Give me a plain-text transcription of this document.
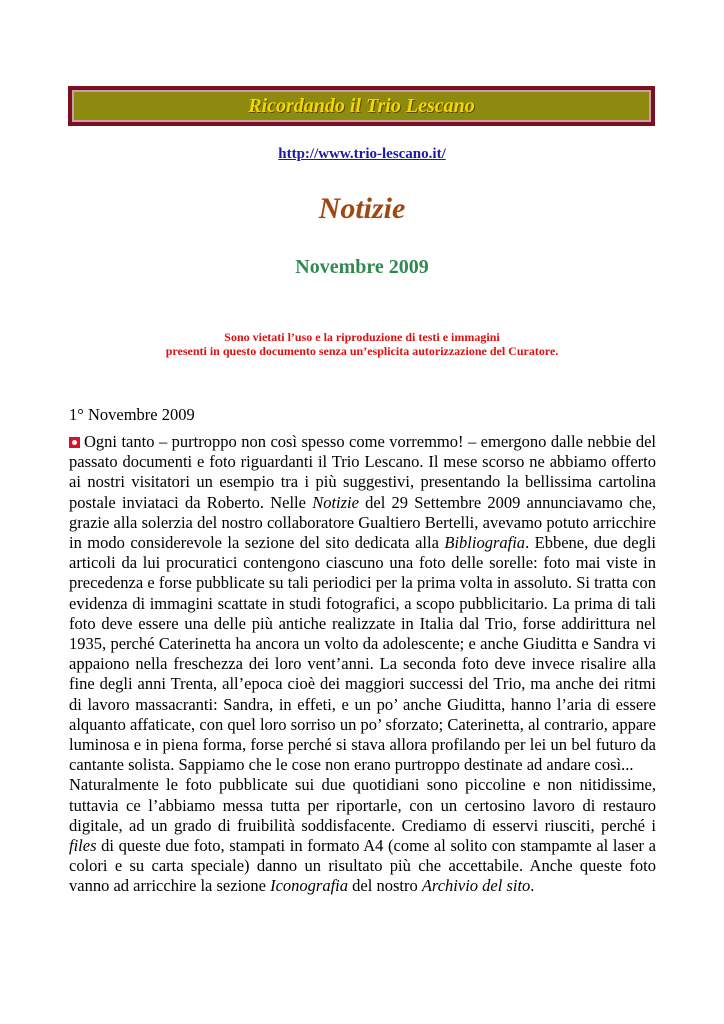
Ricordando il Trio Lescano
http://www.trio-lescano.it/
Notizie
Novembre 2009
Sono vietati l’uso e la riproduzione di testi e immagini
presenti in questo documento senza un’esplicita autorizzazione del Curatore.
1° Novembre 2009

Ogni tanto – purtroppo non così spesso come vorremmo! – emergono dalle nebbie del passato documenti e foto riguardanti il Trio Lescano. Il mese scorso ne abbiamo offerto ai nostri visitatori un esempio tra i più suggestivi, presentando la bellissima cartolina postale inviataci da Roberto. Nelle Notizie del 29 Settembre 2009 annunciavamo che, grazie alla solerzia del nostro collaboratore Gualtiero Bertelli, avevamo potuto arricchire in modo considerevole la sezione del sito dedicata alla Bibliografia. Ebbene, due degli articoli da lui procuratici contengono ciascuno una foto delle sorelle: foto mai viste in precedenza e forse pubblicate su tali periodici per la prima volta in assoluto. Si tratta con evidenza di immagini scattate in studi fotografici, a scopo pubblicitario. La prima di tali foto deve essere una delle più antiche realizzate in Italia dal Trio, forse addirittura nel 1935, perché Caterinetta ha ancora un volto da adolescente; e anche Giuditta e Sandra vi appaiono nella freschezza dei loro vent’anni. La seconda foto deve invece risalire alla fine degli anni Trenta, all’epoca cioè dei maggiori successi del Trio, ma anche dei ritmi di lavoro massacranti: Sandra, in effeti, e un po’ anche Giuditta, hanno l’aria di essere alquanto affaticate, con quel loro sorriso un po’ sforzato; Caterinetta, al contrario, appare luminosa e in piena forma, forse perché si stava allora profilando per lei un bel futuro da cantante solista. Sappiamo che le cose non erano purtroppo destinate ad andare così...

Naturalmente le foto pubblicate sui due quotidiani sono piccoline e non nitidissime, tuttavia ce l’abbiamo messa tutta per riportarle, con un certosino lavoro di restauro digitale, ad un grado di fruibilità soddisfacente. Crediamo di esservi riusciti, perché i files di queste due foto, stampati in formato A4 (come al solito con stampamte al laser a colori e su carta speciale) danno un risultato più che accettabile. Anche queste foto vanno ad arricchire la sezione Iconografia del nostro Archivio del sito.
